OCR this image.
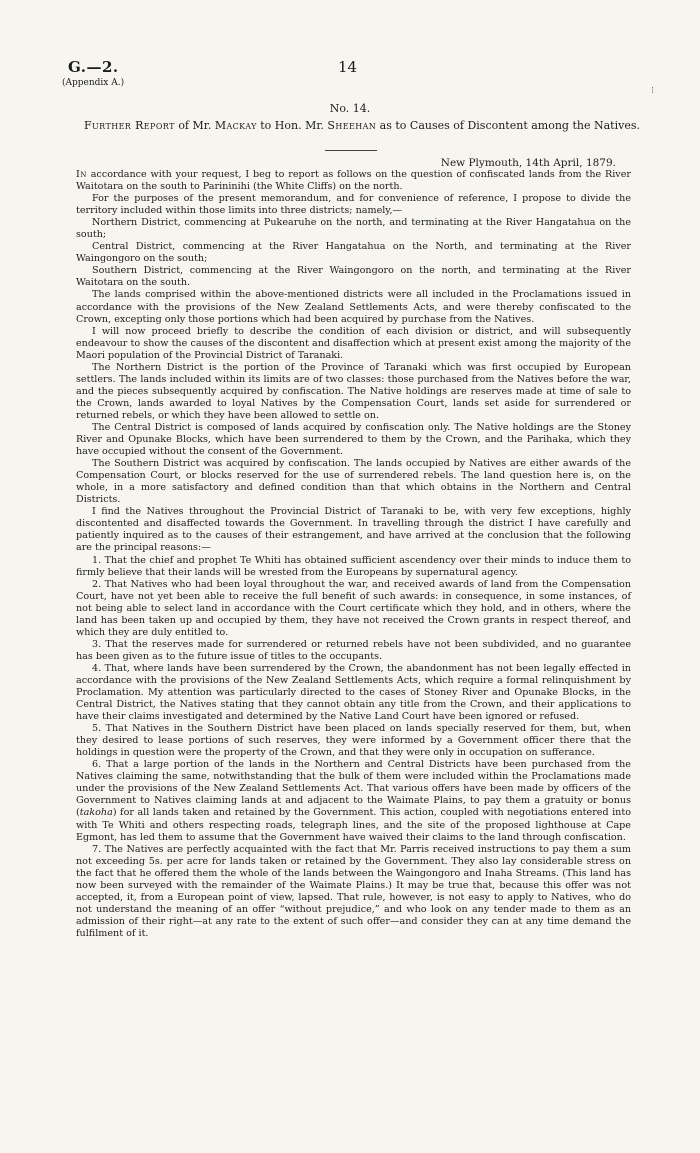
G.—2.
(Appendix A.)
14
⁝
No. 14.
Further Report of Mr. Mackay to Hon. Mr. Sheehan as to Causes of Discontent among the Natives.
New Plymouth, 14th April, 1879.

In accordance with your request, I beg to report as follows on the question of confiscated lands from the River Waitotara on the south to Parininihi (the White Cliffs) on the north.

For the purposes of the present memorandum, and for convenience of reference, I propose to divide the territory included within those limits into three districts; namely,—

Northern District, commencing at Pukearuhe on the north, and terminating at the River Hangatahua on the south;

Central District, commencing at the River Hangatahua on the North, and terminating at the River Waingongoro on the south;

Southern District, commencing at the River Waingongoro on the north, and terminating at the River Waitotara on the south.

The lands comprised within the above-mentioned districts were all included in the Proclamations issued in accordance with the provisions of the New Zealand Settlements Acts, and were thereby confiscated to the Crown, excepting only those portions which had been acquired by purchase from the Natives.

I will now proceed briefly to describe the condition of each division or district, and will subsequently endeavour to show the causes of the discontent and disaffection which at present exist among the majority of the Maori population of the Provincial District of Taranaki.

The Northern District is the portion of the Province of Taranaki which was first occupied by European settlers. The lands included within its limits are of two classes: those purchased from the Natives before the war, and the pieces subsequently acquired by confiscation. The Native holdings are reserves made at time of sale to the Crown, lands awarded to loyal Natives by the Compensation Court, lands set aside for surrendered or returned rebels, or which they have been allowed to settle on.

The Central District is composed of lands acquired by confiscation only. The Native holdings are the Stoney River and Opunake Blocks, which have been surrendered to them by the Crown, and the Parihaka, which they have occupied without the consent of the Government.

The Southern District was acquired by confiscation. The lands occupied by Natives are either awards of the Compensation Court, or blocks reserved for the use of surrendered rebels. The land question here is, on the whole, in a more satisfactory and defined condition than that which obtains in the Northern and Central Districts.

I find the Natives throughout the Provincial District of Taranaki to be, with very few exceptions, highly discontented and disaffected towards the Government. In travelling through the district I have carefully and patiently inquired as to the causes of their estrangement, and have arrived at the conclusion that the following are the principal reasons:—

1. That the chief and prophet Te Whiti has obtained sufficient ascendency over their minds to induce them to firmly believe that their lands will be wrested from the Europeans by supernatural agency.

2. That Natives who had been loyal throughout the war, and received awards of land from the Compensation Court, have not yet been able to receive the full benefit of such awards: in consequence, in some instances, of not being able to select land in accordance with the Court certificate which they hold, and in others, where the land has been taken up and occupied by them, they have not received the Crown grants in respect thereof, and which they are duly entitled to.

3. That the reserves made for surrendered or returned rebels have not been subdivided, and no guarantee has been given as to the future issue of titles to the occupants.

4. That, where lands have been surrendered by the Crown, the abandonment has not been legally effected in accordance with the provisions of the New Zealand Settlements Acts, which require a formal relinquishment by Proclamation. My attention was particularly directed to the cases of Stoney River and Opunake Blocks, in the Central District, the Natives stating that they cannot obtain any title from the Crown, and their applications to have their claims investigated and determined by the Native Land Court have been ignored or refused.

5. That Natives in the Southern District have been placed on lands specially reserved for them, but, when they desired to lease portions of such reserves, they were informed by a Government officer there that the holdings in question were the property of the Crown, and that they were only in occupation on sufferance.

6. That a large portion of the lands in the Northern and Central Districts have been purchased from the Natives claiming the same, notwithstanding that the bulk of them were included within the Proclamations made under the provisions of the New Zealand Settlements Act. That various offers have been made by officers of the Government to Natives claiming lands at and adjacent to the Waimate Plains, to pay them a gratuity or bonus (takoha) for all lands taken and retained by the Government. This action, coupled with negotiations entered into with Te Whiti and others respecting roads, telegraph lines, and the site of the proposed lighthouse at Cape Egmont, has led them to assume that the Government have waived their claims to the land through confiscation.

7. The Natives are perfectly acquainted with the fact that Mr. Parris received instructions to pay them a sum not exceeding 5s. per acre for lands taken or retained by the Government. They also lay considerable stress on the fact that he offered them the whole of the lands between the Waingongoro and Inaha Streams. (This land has now been surveyed with the remainder of the Waimate Plains.) It may be true that, because this offer was not accepted, it, from a European point of view, lapsed. That rule, however, is not easy to apply to Natives, who do not understand the meaning of an offer “without prejudice,” and who look on any tender made to them as an admission of their right—at any rate to the extent of such offer—and consider they can at any time demand the fulfilment of it.
